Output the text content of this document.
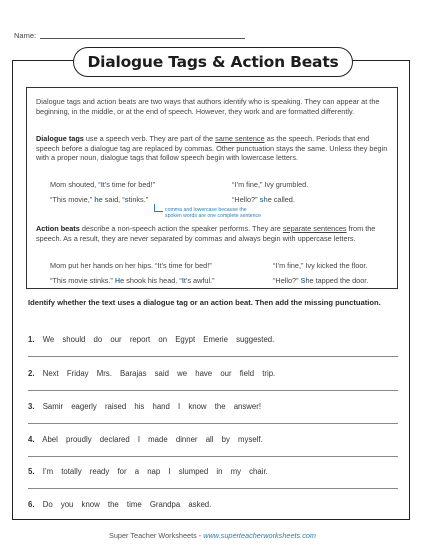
Name:
Dialogue Tags & Action Beats
Dialogue tags and action beats are two ways that authors identify who is speaking. They can appear at the beginning, in the middle, or at the end of speech. However, they work and are formatted differently.
Dialogue tags use a speech verb. They are part of the same sentence as the speech. Periods that end speech before a dialogue tag are replaced by commas. Other punctuation stays the same. Unless they begin with a proper noun, dialogue tags that follow speech begin with lowercase letters.
Mom shouted, “It’s time for bed!”	“I’m fine,” Ivy grumbled.
“This movie,” he said, “stinks.”	“Hello?” she called.
comma and lowercase because the
spoken words are one complete sentence
Action beats describe a non-speech action the speaker performs. They are separate sentences from the speech. As a result, they are never separated by commas and always begin with uppercase letters.
Mom put her hands on her hips. “It’s time for bed!”	“I’m fine,” Ivy kicked the floor.
“This movie stinks.” He shook his head. “It’s awful.”	“Hello?” She tapped the door.
Identify whether the text uses a dialogue tag or an action beat. Then add the missing punctuation.
1. We should do our report on Egypt Emerie suggested.
2. Next Friday Mrs. Barajas said we have our field trip.
3. Samir eagerly raised his hand I know the answer!
4. Abel proudly declared I made dinner all by myself.
5. I’m totally ready for a nap I slumped in my chair.
6. Do you know the time Grandpa asked.
Super Teacher Worksheets - www.superteacherworksheets.com
